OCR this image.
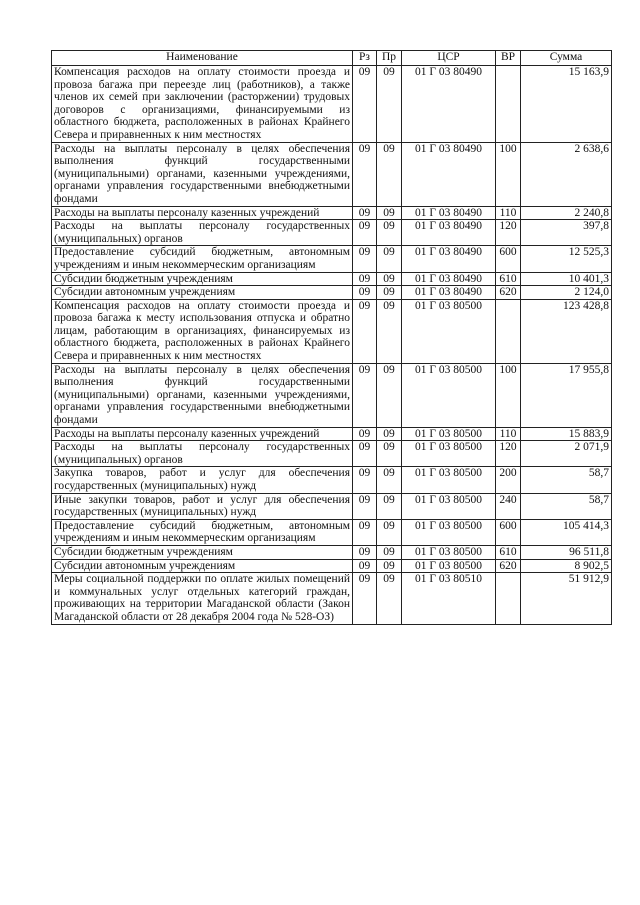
Наименование	Рз	Пр	ЦСР	ВР	Сумма
Компенсация расходов на оплату стоимости проезда и провоза багажа при переезде лиц (работников), а также членов их семей при заключении (расторжении) трудовых договоров с организациями, финансируемыми из областного бюджета, расположенных в районах Крайнего Севера и приравненных к ним местностях	09	09	01 Г 03 80490		15 163,9
Расходы на выплаты персоналу в целях обеспечения выполнения функций государственными (муниципальными) органами, казенными учреждениями, органами управления государственными внебюджетными фондами	09	09	01 Г 03 80490	100	2 638,6
Расходы на выплаты персоналу казенных учреждений	09	09	01 Г 03 80490	110	2 240,8
Расходы на выплаты персоналу государственных (муниципальных) органов	09	09	01 Г 03 80490	120	397,8
Предоставление субсидий бюджетным, автономным учреждениям и иным некоммерческим организациям	09	09	01 Г 03 80490	600	12 525,3
Субсидии бюджетным учреждениям	09	09	01 Г 03 80490	610	10 401,3
Субсидии автономным учреждениям	09	09	01 Г 03 80490	620	2 124,0
Компенсация расходов на оплату стоимости проезда и провоза багажа к месту использования отпуска и обратно лицам, работающим в организациях, финансируемых из областного бюджета, расположенных в районах Крайнего Севера и приравненных к ним местностях	09	09	01 Г 03 80500		123 428,8
Расходы на выплаты персоналу в целях обеспечения выполнения функций государственными (муниципальными) органами, казенными учреждениями, органами управления государственными внебюджетными фондами	09	09	01 Г 03 80500	100	17 955,8
Расходы на выплаты персоналу казенных учреждений	09	09	01 Г 03 80500	110	15 883,9
Расходы на выплаты персоналу государственных (муниципальных) органов	09	09	01 Г 03 80500	120	2 071,9
Закупка товаров, работ и услуг для обеспечения государственных (муниципальных) нужд	09	09	01 Г 03 80500	200	58,7
Иные закупки товаров, работ и услуг для обеспечения государственных (муниципальных) нужд	09	09	01 Г 03 80500	240	58,7
Предоставление субсидий бюджетным, автономным учреждениям и иным некоммерческим организациям	09	09	01 Г 03 80500	600	105 414,3
Субсидии бюджетным учреждениям	09	09	01 Г 03 80500	610	96 511,8
Субсидии автономным учреждениям	09	09	01 Г 03 80500	620	8 902,5
Меры социальной поддержки по оплате жилых помещений и коммунальных услуг отдельных категорий граждан, проживающих на территории Магаданской области (Закон Магаданской области от 28 декабря 2004 года № 528-ОЗ)	09	09	01 Г 03 80510		51 912,9
